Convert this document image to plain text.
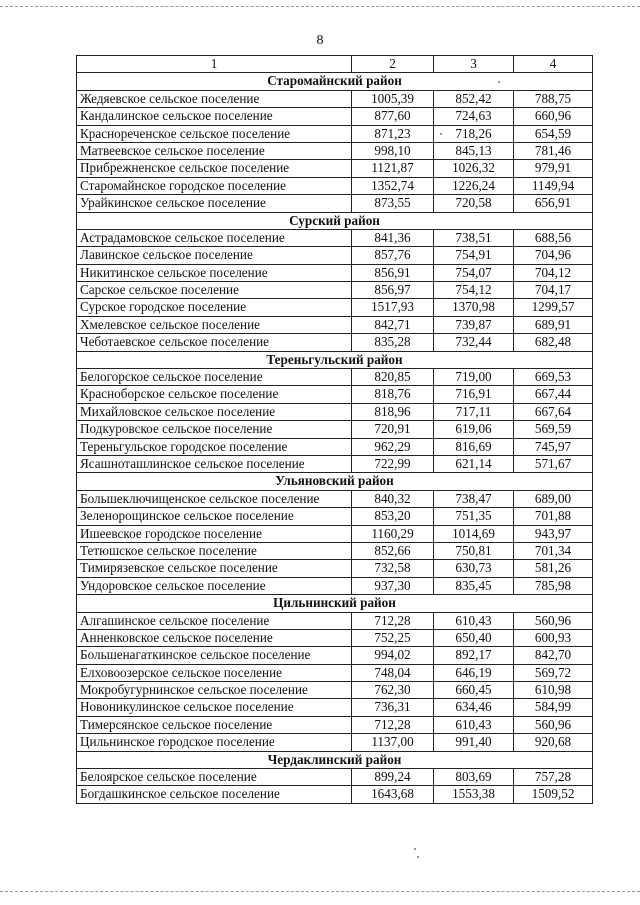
8
1	2	3	4
Старомайнский район			
Жедяевское сельское поселение	1005,39	852,42	788,75
Кандалинское сельское поселение	877,60	724,63	660,96
Краснореченское сельское поселение	871,23	718,26	654,59
Матвеевское сельское поселение	998,10	845,13	781,46
Прибрежненское сельское поселение	1121,87	1026,32	979,91
Старомайнское городское поселение	1352,74	1226,24	1149,94
Урайкинское сельское поселение	873,55	720,58	656,91
Сурский район			
Астрадамовское сельское поселение	841,36	738,51	688,56
Лавинское сельское поселение	857,76	754,91	704,96
Никитинское сельское поселение	856,91	754,07	704,12
Сарское сельское поселение	856,97	754,12	704,17
Сурское городское поселение	1517,93	1370,98	1299,57
Хмелевское сельское поселение	842,71	739,87	689,91
Чеботаевское сельское поселение	835,28	732,44	682,48
Тереньгульский район			
Белогорское сельское поселение	820,85	719,00	669,53
Красноборское сельское поселение	818,76	716,91	667,44
Михайловское сельское поселение	818,96	717,11	667,64
Подкуровское сельское поселение	720,91	619,06	569,59
Тереньгульское городское поселение	962,29	816,69	745,97
Ясашноташлинское сельское поселение	722,99	621,14	571,67
Ульяновский район			
Большеключищенское сельское поселение	840,32	738,47	689,00
Зеленорощинское сельское поселение	853,20	751,35	701,88
Ишеевское городское поселение	1160,29	1014,69	943,97
Тетюшское сельское поселение	852,66	750,81	701,34
Тимирязевское сельское поселение	732,58	630,73	581,26
Ундоровское сельское поселение	937,30	835,45	785,98
Цильнинский район			
Алгашинское сельское поселение	712,28	610,43	560,96
Анненковское сельское поселение	752,25	650,40	600,93
Большенагаткинское сельское поселение	994,02	892,17	842,70
Елховоозерское сельское поселение	748,04	646,19	569,72
Мокробугурнинское сельское поселение	762,30	660,45	610,98
Новоникулинское сельское поселение	736,31	634,46	584,99
Тимерсянское сельское поселение	712,28	610,43	560,96
Цильнинское городское поселение	1137,00	991,40	920,68
Чердаклинский район			
Белоярское сельское поселение	899,24	803,69	757,28
Богдашкинское сельское поселение	1643,68	1553,38	1509,52
